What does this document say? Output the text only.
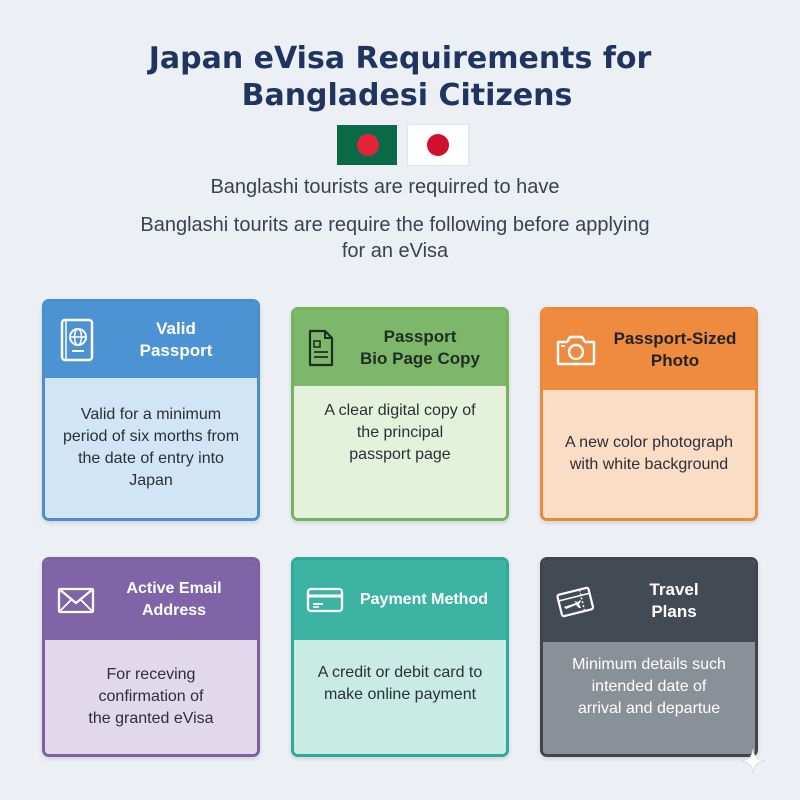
Japan eVisa Requirements for

Bangladesi Citizens
Banglashi tourists are requirred to have
Banglashi tourits are require the following before applying
for an eVisa
Valid
Passport
Valid for a minimum
period of six morths from
the date of entry into
Japan
Passport
Bio Page Copy
A clear digital copy of
the principal
passport page
Passport-Sized
Photo
A new color photograph
with white background
Active Email Address
For receving
confirmation of
the granted eVisa
Payment Method
A credit or debit card to
make online payment
Travel
Plans
Minimum details such
intended date of
arrival and departue
